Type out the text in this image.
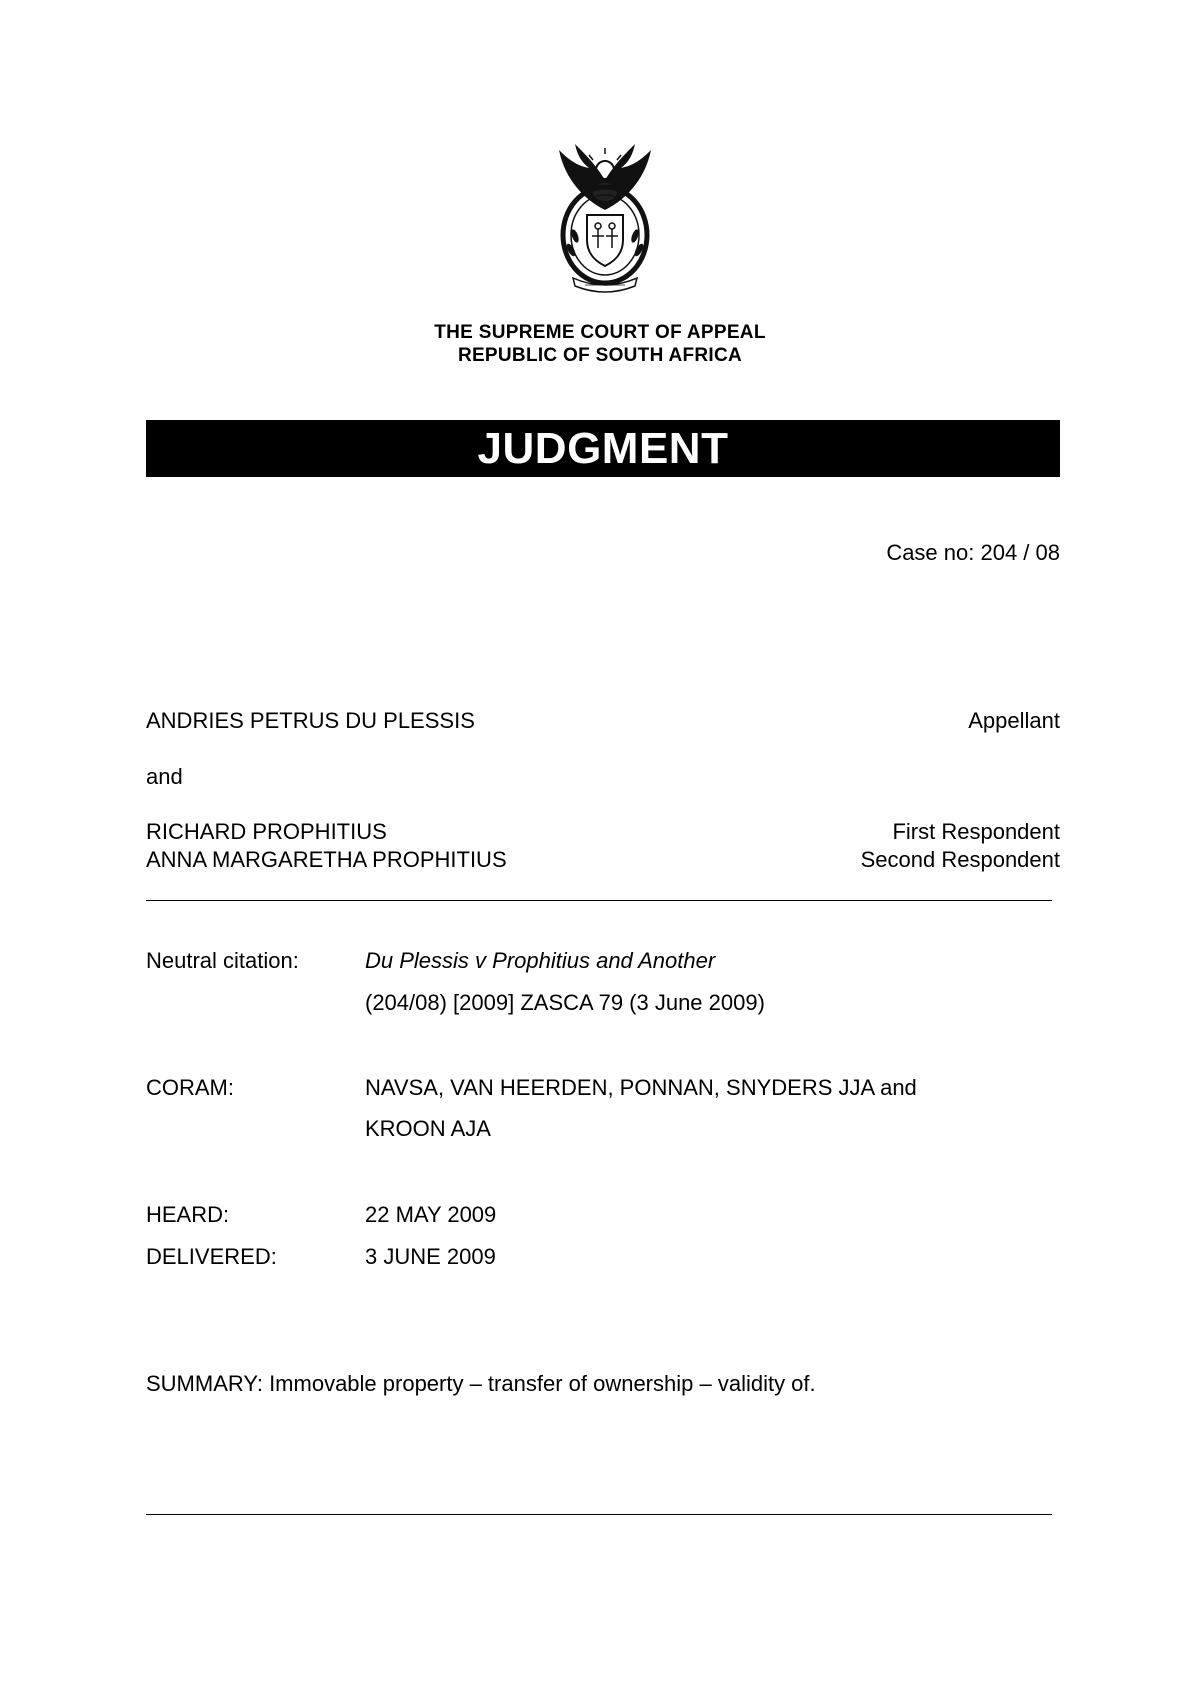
THE SUPREME COURT OF APPEAL
REPUBLIC OF SOUTH AFRICA
JUDGMENT
Case no: 204 / 08
ANDRIES PETRUS DU PLESSIS	Appellant
and
RICHARD PROPHITIUS	First Respondent
ANNA MARGARETHA PROPHITIUS	Second Respondent
Neutral citation:	Du Plessis v Prophitius and Another
(204/08) [2009] ZASCA 79 (3 June 2009)
CORAM:	NAVSA, VAN HEERDEN, PONNAN, SNYDERS JJA and
KROON AJA
HEARD:	22 MAY 2009
DELIVERED:	3 JUNE 2009
SUMMARY: Immovable property – transfer of ownership – validity of.
